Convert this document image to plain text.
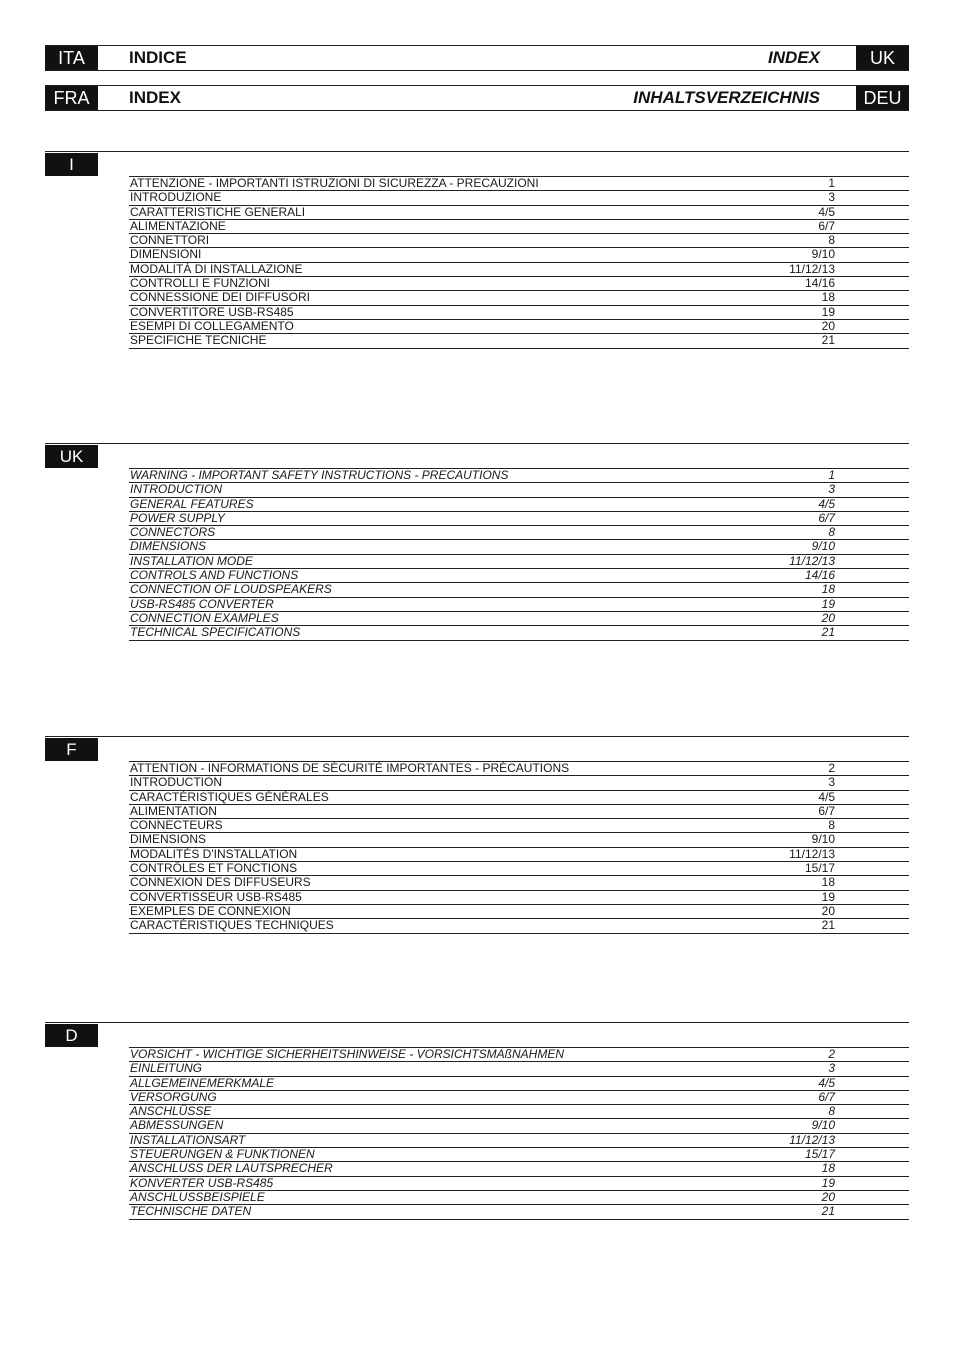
ITA	INDICE	INDEX	UK
FRA	INDEX	INHALTSVERZEICHNIS	DEU
I
ATTENZIONE - IMPORTANTI ISTRUZIONI DI SICUREZZA - PRECAUZIONI	1
INTRODUZIONE	3
CARATTERISTICHE GENERALI	4/5
ALIMENTAZIONE	6/7
CONNETTORI	8
DIMENSIONI	9/10
MODALITÀ DI INSTALLAZIONE	11/12/13
CONTROLLI E FUNZIONI	14/16
CONNESSIONE DEI DIFFUSORI	18
CONVERTITORE USB-RS485	19
ESEMPI DI COLLEGAMENTO	20
SPECIFICHE TECNICHE	21
UK
WARNING - IMPORTANT SAFETY INSTRUCTIONS - PRECAUTIONS	1
INTRODUCTION	3
GENERAL FEATURES	4/5
POWER SUPPLY	6/7
CONNECTORS	8
DIMENSIONS	9/10
INSTALLATION MODE	11/12/13
CONTROLS AND FUNCTIONS	14/16
CONNECTION OF LOUDSPEAKERS	18
USB-RS485 CONVERTER	19
CONNECTION EXAMPLES	20
TECHNICAL SPECIFICATIONS	21
F
ATTENTION - INFORMATIONS DE SÉCURITÉ IMPORTANTES - PRÉCAUTIONS	2
INTRODUCTION	3
CARACTÉRISTIQUES GÉNÉRALES	4/5
ALIMENTATION	6/7
CONNECTEURS	8
DIMENSIONS	9/10
MODALITÉS D'INSTALLATION	11/12/13
CONTRÔLES ET FONCTIONS	15/17
CONNEXION DES DIFFUSEURS	18
CONVERTISSEUR USB-RS485	19
EXEMPLES DE CONNEXION	20
CARACTÉRISTIQUES TECHNIQUES	21
D
VORSICHT - WICHTIGE SICHERHEITSHINWEISE - VORSICHTSMAßNAHMEN	2
EINLEITUNG	3
ALLGEMEINEMERKMALE	4/5
VERSORGUNG	6/7
ANSCHLÜSSE	8
ABMESSUNGEN	9/10
INSTALLATIONSART	11/12/13
STEUERUNGEN & FUNKTIONEN	15/17
ANSCHLUSS DER LAUTSPRECHER	18
KONVERTER USB-RS485	19
ANSCHLUSSBEISPIELE	20
TECHNISCHE DATEN	21
